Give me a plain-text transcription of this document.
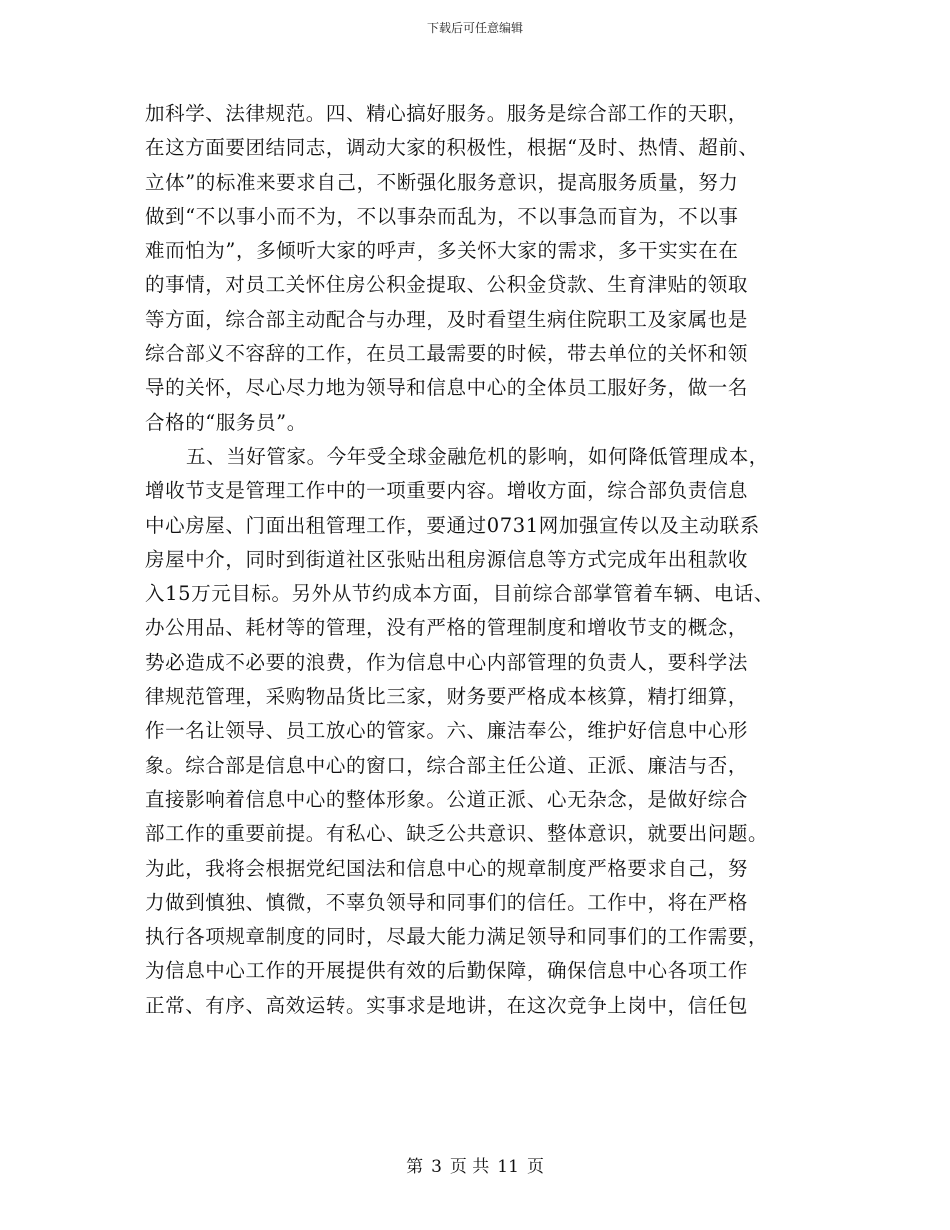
下载后可任意编辑
加科学、法律规范。四、精心搞好服务。服务是综合部工作的天职，
在这方面要团结同志，调动大家的积极性，根据“及时、热情、超前、
立体”的标准来要求自己，不断强化服务意识，提高服务质量，努力
做到“不以事小而不为，不以事杂而乱为，不以事急而盲为，不以事
难而怕为”，多倾听大家的呼声，多关怀大家的需求，多干实实在在
的事情，对员工关怀住房公积金提取、公积金贷款、生育津贴的领取
等方面，综合部主动配合与办理，及时看望生病住院职工及家属也是
综合部义不容辞的工作，在员工最需要的时候，带去单位的关怀和领
导的关怀，尽心尽力地为领导和信息中心的全体员工服好务，做一名
合格的“服务员”。
五、当好管家。今年受全球金融危机的影响，如何降低管理成本，
增收节支是管理工作中的一项重要内容。增收方面，综合部负责信息
中心房屋、门面出租管理工作，要通过0731网加强宣传以及主动联系
房屋中介，同时到街道社区张贴出租房源信息等方式完成年出租款收
入15万元目标。另外从节约成本方面，目前综合部掌管着车辆、电话、
办公用品、耗材等的管理，没有严格的管理制度和增收节支的概念，
势必造成不必要的浪费，作为信息中心内部管理的负责人，要科学法
律规范管理，采购物品货比三家，财务要严格成本核算，精打细算，
作一名让领导、员工放心的管家。六、廉洁奉公，维护好信息中心形
象。综合部是信息中心的窗口，综合部主任公道、正派、廉洁与否，
直接影响着信息中心的整体形象。公道正派、心无杂念，是做好综合
部工作的重要前提。有私心、缺乏公共意识、整体意识，就要出问题。
为此，我将会根据党纪国法和信息中心的规章制度严格要求自己，努
力做到慎独、慎微，不辜负领导和同事们的信任。工作中，将在严格
执行各项规章制度的同时，尽最大能力满足领导和同事们的工作需要，
为信息中心工作的开展提供有效的后勤保障，确保信息中心各项工作
正常、有序、高效运转。实事求是地讲，在这次竞争上岗中，信任包
第 3 页 共 11 页
